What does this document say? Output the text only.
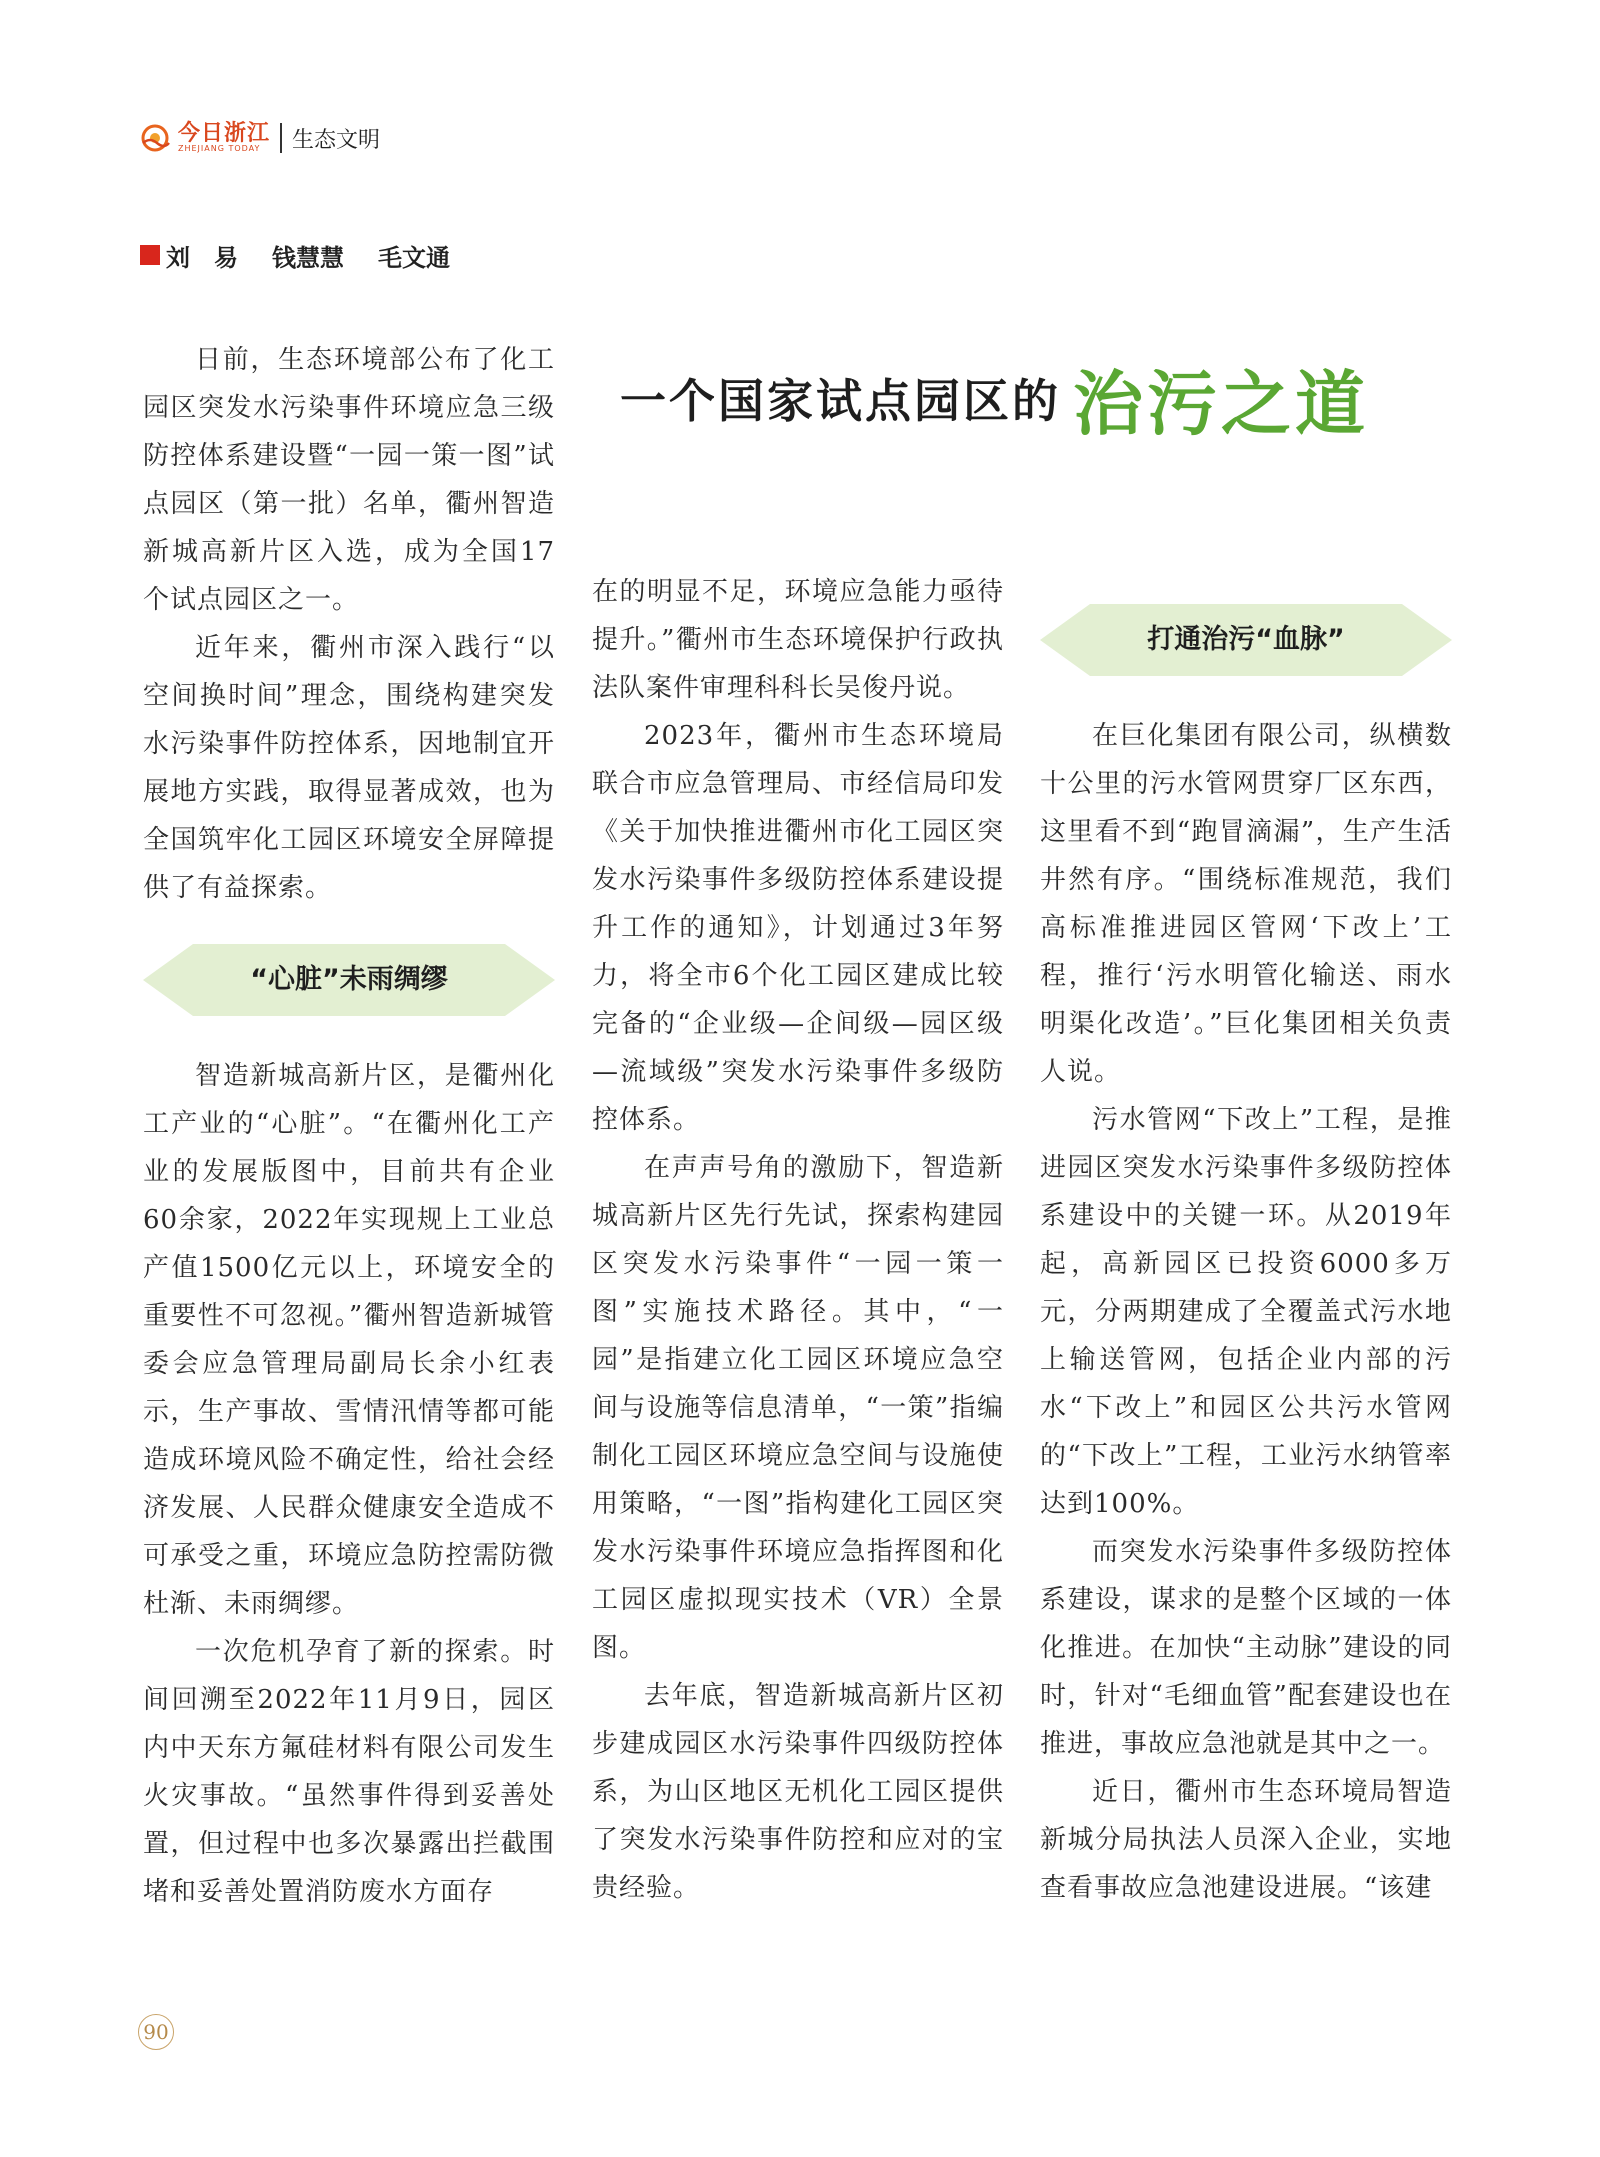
今日浙江
ZHEJIANG TODAY	生态文明
刘　易 钱慧慧 毛文通
一个国家试点园区的 治污之道

日前，生态环境部公布了化工园区突发水污染事件环境应急三级防控体系建设暨“一园一策一图”试点园区（第一批）名单，衢州智造新城高新片区入选，成为全国17个试点园区之一。

近年来，衢州市深入践行“以空间换时间”理念，围绕构建突发水污染事件防控体系，因地制宜开展地方实践，取得显著成效，也为全国筑牢化工园区环境安全屏障提供了有益探索。

“心脏”未雨绸缪

智造新城高新片区，是衢州化工产业的“心脏”。“在衢州化工产业的发展版图中，目前共有企业60余家，2022年实现规上工业总产值1500亿元以上，环境安全的重要性不可忽视。”衢州智造新城管委会应急管理局副局长余小红表示，生产事故、雪情汛情等都可能造成环境风险不确定性，给社会经济发展、人民群众健康安全造成不可承受之重，环境应急防控需防微杜渐、未雨绸缪。

一次危机孕育了新的探索。时间回溯至2022年11月9日，园区内中天东方氟硅材料有限公司发生火灾事故。“虽然事件得到妥善处置，但过程中也多次暴露出拦截围堵和妥善处置消防废水方面存

在的明显不足，环境应急能力亟待提升。”衢州市生态环境保护行政执法队案件审理科科长吴俊丹说。

2023年，衢州市生态环境局联合市应急管理局、市经信局印发《关于加快推进衢州市化工园区突发水污染事件多级防控体系建设提升工作的通知》，计划通过3年努力，将全市6个化工园区建成比较完备的“企业级—企间级—园区级—流域级”突发水污染事件多级防控体系。

在声声号角的激励下，智造新城高新片区先行先试，探索构建园区突发水污染事件“一园一策一图”实施技术路径。其中，“一园”是指建立化工园区环境应急空间与设施等信息清单，“一策”指编制化工园区环境应急空间与设施使用策略，“一图”指构建化工园区突发水污染事件环境应急指挥图和化工园区虚拟现实技术（VR）全景图。

去年底，智造新城高新片区初步建成园区水污染事件四级防控体系，为山区地区无机化工园区提供了突发水污染事件防控和应对的宝贵经验。

打通治污“血脉”

在巨化集团有限公司，纵横数十公里的污水管网贯穿厂区东西，这里看不到“跑冒滴漏”，生产生活井然有序。“围绕标准规范，我们高标准推进园区管网‘下改上’工程，推行‘污水明管化输送、雨水明渠化改造’。”巨化集团相关负责人说。

污水管网“下改上”工程，是推进园区突发水污染事件多级防控体系建设中的关键一环。从2019年起，高新园区已投资6000多万元，分两期建成了全覆盖式污水地上输送管网，包括企业内部的污水“下改上”和园区公共污水管网的“下改上”工程，工业污水纳管率达到100%。

而突发水污染事件多级防控体系建设，谋求的是整个区域的一体化推进。在加快“主动脉”建设的同时，针对“毛细血管”配套建设也在推进，事故应急池就是其中之一。

近日，衢州市生态环境局智造新城分局执法人员深入企业，实地查看事故应急池建设进展。“该建

90
